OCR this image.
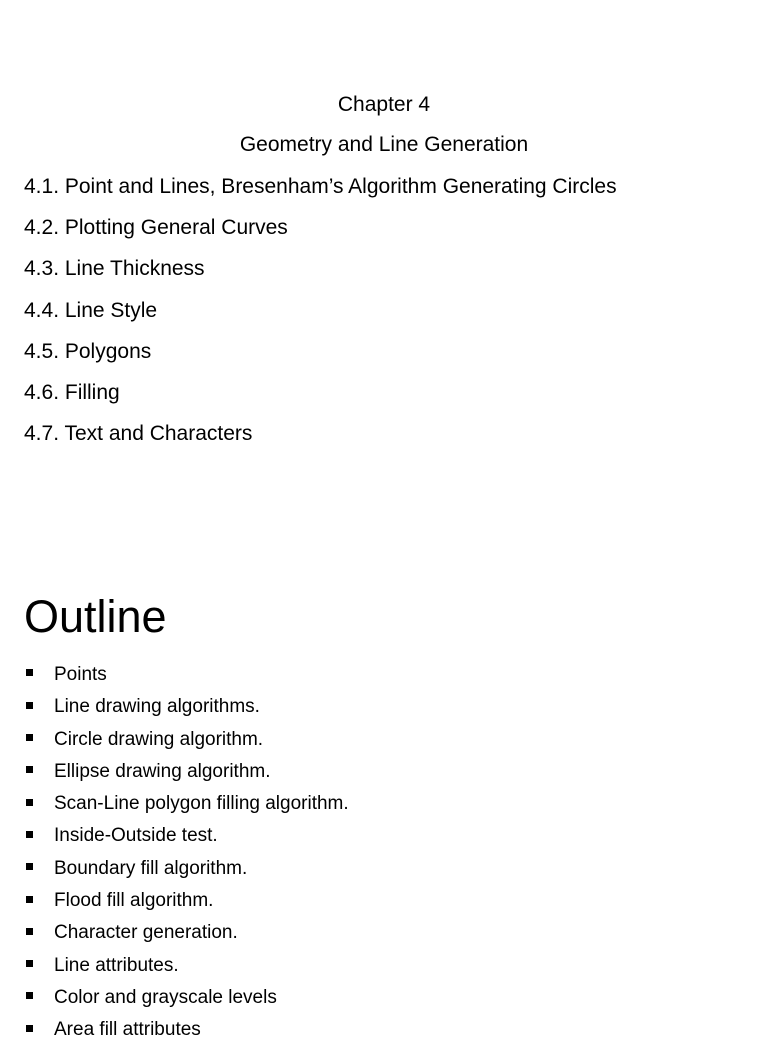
Chapter 4
Geometry and Line Generation
4.1. Point and Lines, Bresenham’s Algorithm Generating Circles
4.2. Plotting General Curves
4.3. Line Thickness
4.4. Line Style
4.5. Polygons
4.6. Filling
4.7. Text and Characters
Outline
Points
Line drawing algorithms.
Circle drawing algorithm.
Ellipse drawing algorithm.
Scan-Line polygon filling algorithm.
Inside-Outside test.
Boundary fill algorithm.
Flood fill algorithm.
Character generation.
Line attributes.
Color and grayscale levels
Area fill attributes
